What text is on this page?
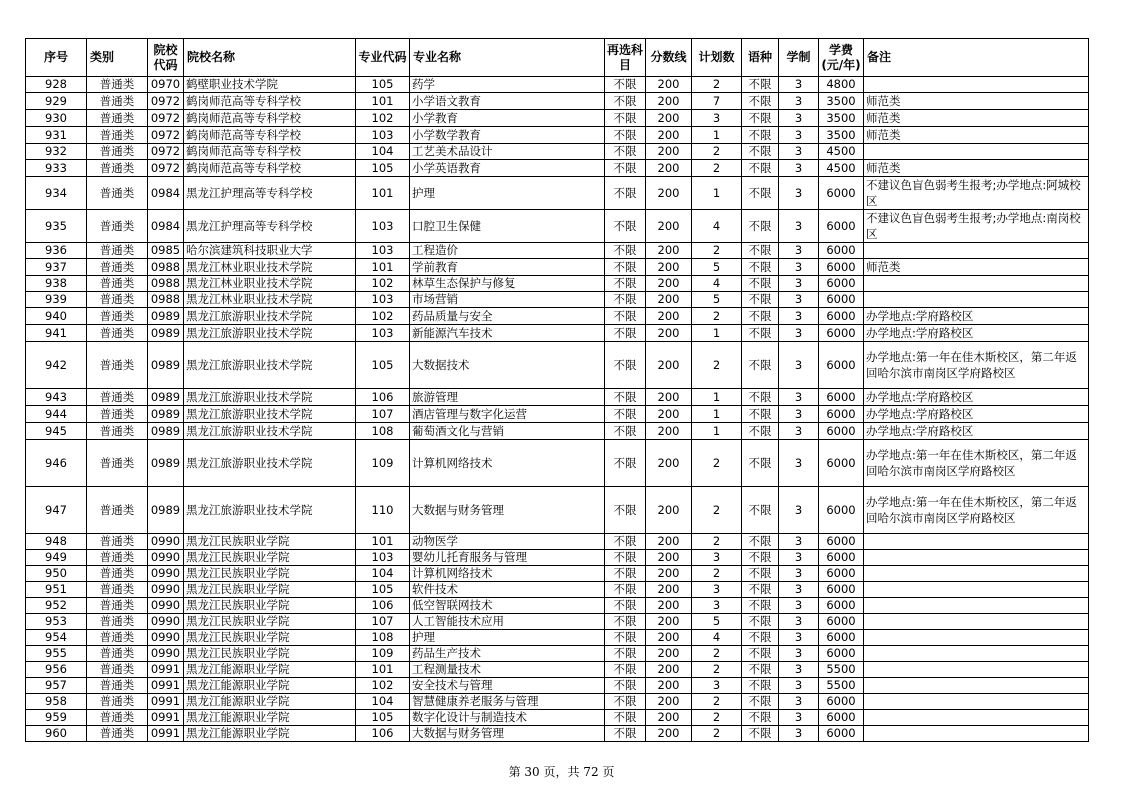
序号	类别	院校代码	院校名称	专业代码	专业名称	再选科目	分数线	计划数	语种	学制	学费(元/年)	备注
928	普通类	0970	鹤壁职业技术学院	105	药学	不限	200	2	不限	3	4800	
929	普通类	0972	鹤岗师范高等专科学校	101	小学语文教育	不限	200	7	不限	3	3500	师范类
930	普通类	0972	鹤岗师范高等专科学校	102	小学教育	不限	200	3	不限	3	3500	师范类
931	普通类	0972	鹤岗师范高等专科学校	103	小学数学教育	不限	200	1	不限	3	3500	师范类
932	普通类	0972	鹤岗师范高等专科学校	104	工艺美术品设计	不限	200	2	不限	3	4500	
933	普通类	0972	鹤岗师范高等专科学校	105	小学英语教育	不限	200	2	不限	3	4500	师范类
934	普通类	0984	黑龙江护理高等专科学校	101	护理	不限	200	1	不限	3	6000	不建议色盲色弱考生报考;办学地点:阿城校区
935	普通类	0984	黑龙江护理高等专科学校	103	口腔卫生保健	不限	200	4	不限	3	6000	不建议色盲色弱考生报考;办学地点:南岗校区
936	普通类	0985	哈尔滨建筑科技职业大学	103	工程造价	不限	200	2	不限	3	6000	
937	普通类	0988	黑龙江林业职业技术学院	101	学前教育	不限	200	5	不限	3	6000	师范类
938	普通类	0988	黑龙江林业职业技术学院	102	林草生态保护与修复	不限	200	4	不限	3	6000	
939	普通类	0988	黑龙江林业职业技术学院	103	市场营销	不限	200	5	不限	3	6000	
940	普通类	0989	黑龙江旅游职业技术学院	102	药品质量与安全	不限	200	2	不限	3	6000	办学地点:学府路校区
941	普通类	0989	黑龙江旅游职业技术学院	103	新能源汽车技术	不限	200	1	不限	3	6000	办学地点:学府路校区
942	普通类	0989	黑龙江旅游职业技术学院	105	大数据技术	不限	200	2	不限	3	6000	办学地点:第一年在佳木斯校区，第二年返回哈尔滨市南岗区学府路校区
943	普通类	0989	黑龙江旅游职业技术学院	106	旅游管理	不限	200	1	不限	3	6000	办学地点:学府路校区
944	普通类	0989	黑龙江旅游职业技术学院	107	酒店管理与数字化运营	不限	200	1	不限	3	6000	办学地点:学府路校区
945	普通类	0989	黑龙江旅游职业技术学院	108	葡萄酒文化与营销	不限	200	1	不限	3	6000	办学地点:学府路校区
946	普通类	0989	黑龙江旅游职业技术学院	109	计算机网络技术	不限	200	2	不限	3	6000	办学地点:第一年在佳木斯校区，第二年返回哈尔滨市南岗区学府路校区
947	普通类	0989	黑龙江旅游职业技术学院	110	大数据与财务管理	不限	200	2	不限	3	6000	办学地点:第一年在佳木斯校区，第二年返回哈尔滨市南岗区学府路校区
948	普通类	0990	黑龙江民族职业学院	101	动物医学	不限	200	2	不限	3	6000	
949	普通类	0990	黑龙江民族职业学院	103	婴幼儿托育服务与管理	不限	200	3	不限	3	6000	
950	普通类	0990	黑龙江民族职业学院	104	计算机网络技术	不限	200	2	不限	3	6000	
951	普通类	0990	黑龙江民族职业学院	105	软件技术	不限	200	3	不限	3	6000	
952	普通类	0990	黑龙江民族职业学院	106	低空智联网技术	不限	200	3	不限	3	6000	
953	普通类	0990	黑龙江民族职业学院	107	人工智能技术应用	不限	200	5	不限	3	6000	
954	普通类	0990	黑龙江民族职业学院	108	护理	不限	200	4	不限	3	6000	
955	普通类	0990	黑龙江民族职业学院	109	药品生产技术	不限	200	2	不限	3	6000	
956	普通类	0991	黑龙江能源职业学院	101	工程测量技术	不限	200	2	不限	3	5500	
957	普通类	0991	黑龙江能源职业学院	102	安全技术与管理	不限	200	3	不限	3	5500	
958	普通类	0991	黑龙江能源职业学院	104	智慧健康养老服务与管理	不限	200	2	不限	3	6000	
959	普通类	0991	黑龙江能源职业学院	105	数字化设计与制造技术	不限	200	2	不限	3	6000	
960	普通类	0991	黑龙江能源职业学院	106	大数据与财务管理	不限	200	2	不限	3	6000	
第 30 页，共 72 页
